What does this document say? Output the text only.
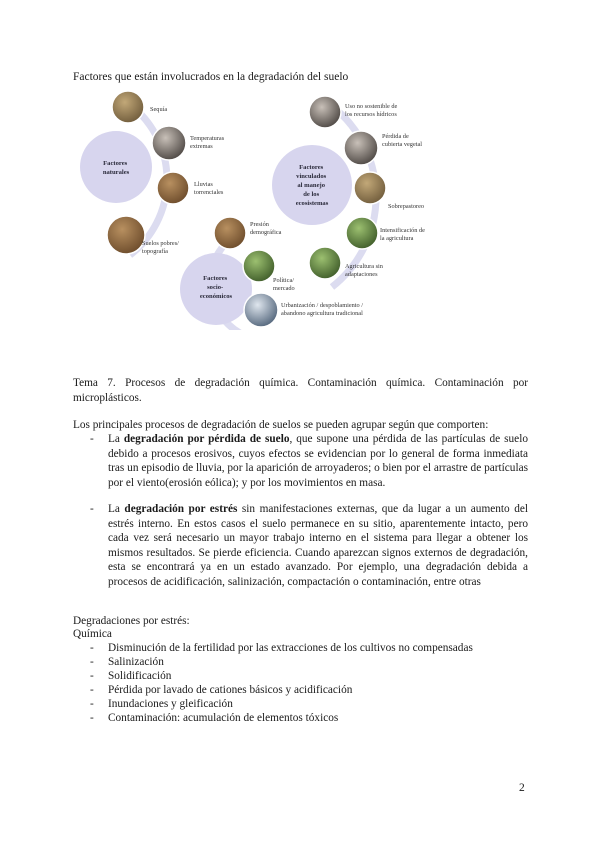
Factores que están involucrados en la degradación del suelo
Factores naturales
Factores socio- económicos
Factores vinculados al manejo de los ecosistemas
Sequía
Temperaturas extremas
Lluvias torrenciales
Suelos pobres/ topografía
Presión demográfica
Política/ mercado
Urbanización / despoblamiento / abandono agricultura tradicional
Uso no sostenible de los recursos hídricos
Pérdida de cubierta vegetal
Sobrepastoreo
Intensificación de la agricultura
Agricultura sin adaptaciones
Tema 7. Procesos de degradación química. Contaminación química. Contaminación por microplásticos.
Los principales procesos de degradación de suelos se pueden agrupar según que comporten:
-	La degradación por pérdida de suelo, que supone una pérdida de las partículas de suelo debido a procesos erosivos, cuyos efectos se evidencian por lo general de forma inmediata tras un episodio de lluvia, por la aparición de arroyaderos; o bien por el arrastre de partículas por el viento(erosión eólica); y por los movimientos en masa.
-	La degradación por estrés sin manifestaciones externas, que da lugar a un aumento del estrés interno. En estos casos el suelo permanece en su sitio, aparentemente intacto, pero cada vez será necesario un mayor trabajo interno en el sistema para llegar a obtener los mismos resultados. Se pierde eficiencia. Cuando aparezcan signos externos de degradación, esta se encontrará ya en un estado avanzado. Por ejemplo, una degradación debida a procesos de acidificación, salinización, compactación o contaminación, entre otras
Degradaciones por estrés:
Química
- Disminución de la fertilidad por las extracciones de los cultivos no compensadas
- Salinización
- Solidificación
- Pérdida por lavado de cationes básicos y acidificación
- Inundaciones y gleificación
- Contaminación: acumulación de elementos tóxicos
2
